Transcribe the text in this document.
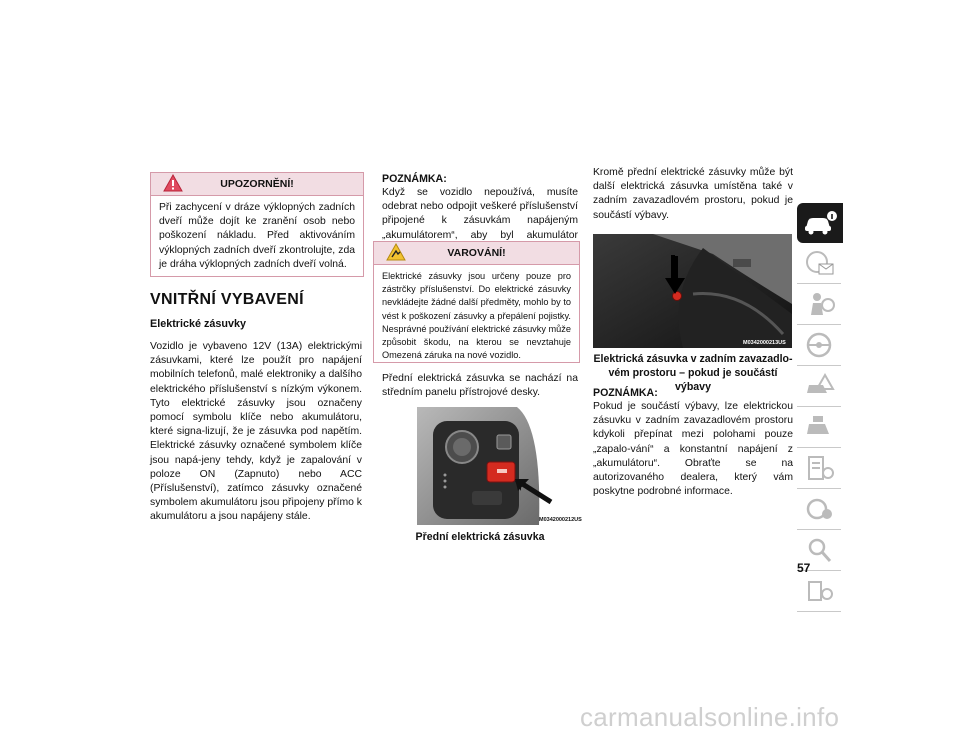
UPOZORNĚNÍ!

Při zachycení v dráze výklopných zadních dveří může dojít ke zranění osob nebo poškození nákladu. Před aktivováním výklopných zadních dveří zkontrolujte, zda je dráha výklopných zadních dveří volná.

VNITŘNÍ VYBAVENÍ
Elektrické zásuvky

Vozidlo je vybaveno 12V (13A) elektrickými zásuvkami, které lze použít pro napájení mobilních telefonů, malé elektroniky a dalšího elektrického příslušenství s nízkým výkonem. Tyto elektrické zásuvky jsou označeny pomocí symbolu klíče nebo akumulátoru, které signa-lizují, že je zásuvka pod napětím. Elektrické zásuvky označené symbolem klíče jsou napá-jeny tehdy, když je zapalování v poloze ON (Zapnuto) nebo ACC (Příslušenství), zatímco zásuvky označené symbolem akumulátoru jsou připojeny přímo k akumulátoru a jsou napájeny stále.

POZNÁMKA:

Když se vozidlo nepoužívá, musíte odebrat nebo odpojit veškeré příslušenství připojené k zásuvkám napájeným „akumulátorem“, aby byl akumulátor

VAROVÁNÍ!

Elektrické zásuvky jsou určeny pouze pro zástrčky příslušenství. Do elektrické zásuvky nevkládejte žádné další předměty, mohlo by to vést k poškození zásuvky a přepálení pojistky. Nesprávné používání elektrické zásuvky může způsobit škodu, na kterou se nevztahuje Omezená záruka na nové vozidlo.

Přední elektrická zásuvka se nachází na středním panelu přístrojové desky.

M0342000212US
Přední elektrická zásuvka

Kromě přední elektrické zásuvky může být další elektrická zásuvka umístěna také v zadním zavazadlovém prostoru, pokud je součástí výbavy.

M0342000213US
Elektrická zásuvka v zadním zavazadlo-
vém prostoru – pokud je součástí výbavy
POZNÁMKA:

Pokud je součástí výbavy, lze elektrickou zásuvku v zadním zavazadlovém prostoru kdykoli přepínat mezi polohami pouze „zapalo-vání“ a konstantní napájení z „akumulátoru“. Obraťte se na autorizovaného dealera, který vám poskytne podrobné informace.

57
carmanualsonline.info
